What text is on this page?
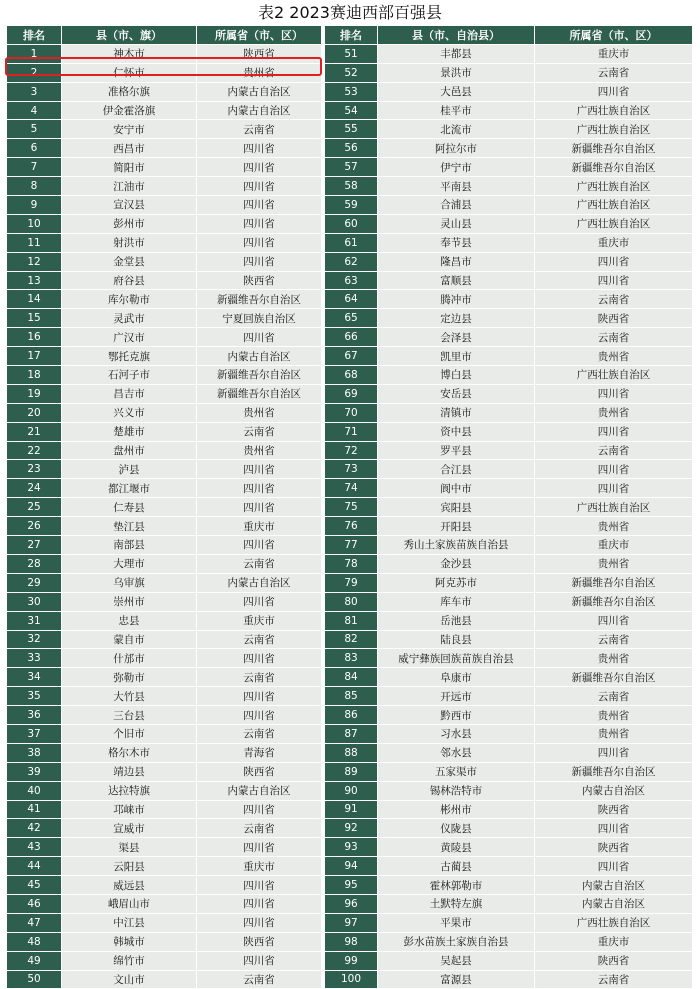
表2 2023赛迪西部百强县
排名	县（市、旗）	所属省（市、区）
1	神木市	陕西省
2	仁怀市	贵州省
3	准格尔旗	内蒙古自治区
4	伊金霍洛旗	内蒙古自治区
5	安宁市	云南省
6	西昌市	四川省
7	简阳市	四川省
8	江油市	四川省
9	宣汉县	四川省
10	彭州市	四川省
11	射洪市	四川省
12	金堂县	四川省
13	府谷县	陕西省
14	库尔勒市	新疆维吾尔自治区
15	灵武市	宁夏回族自治区
16	广汉市	四川省
17	鄂托克旗	内蒙古自治区
18	石河子市	新疆维吾尔自治区
19	昌吉市	新疆维吾尔自治区
20	兴义市	贵州省
21	楚雄市	云南省
22	盘州市	贵州省
23	泸县	四川省
24	都江堰市	四川省
25	仁寿县	四川省
26	垫江县	重庆市
27	南部县	四川省
28	大理市	云南省
29	乌审旗	内蒙古自治区
30	崇州市	四川省
31	忠县	重庆市
32	蒙自市	云南省
33	什邡市	四川省
34	弥勒市	云南省
35	大竹县	四川省
36	三台县	四川省
37	个旧市	云南省
38	格尔木市	青海省
39	靖边县	陕西省
40	达拉特旗	内蒙古自治区
41	邛崃市	四川省
42	宣威市	云南省
43	渠县	四川省
44	云阳县	重庆市
45	威远县	四川省
46	峨眉山市	四川省
47	中江县	四川省
48	韩城市	陕西省
49	绵竹市	四川省
50	文山市	云南省
排名	县（市、自治县）	所属省（市、区）
51	丰都县	重庆市
52	景洪市	云南省
53	大邑县	四川省
54	桂平市	广西壮族自治区
55	北流市	广西壮族自治区
56	阿拉尔市	新疆维吾尔自治区
57	伊宁市	新疆维吾尔自治区
58	平南县	广西壮族自治区
59	合浦县	广西壮族自治区
60	灵山县	广西壮族自治区
61	奉节县	重庆市
62	隆昌市	四川省
63	富顺县	四川省
64	腾冲市	云南省
65	定边县	陕西省
66	会泽县	云南省
67	凯里市	贵州省
68	博白县	广西壮族自治区
69	安岳县	四川省
70	清镇市	贵州省
71	资中县	四川省
72	罗平县	云南省
73	合江县	四川省
74	阆中市	四川省
75	宾阳县	广西壮族自治区
76	开阳县	贵州省
77	秀山土家族苗族自治县	重庆市
78	金沙县	贵州省
79	阿克苏市	新疆维吾尔自治区
80	库车市	新疆维吾尔自治区
81	岳池县	四川省
82	陆良县	云南省
83	威宁彝族回族苗族自治县	贵州省
84	阜康市	新疆维吾尔自治区
85	开远市	云南省
86	黔西市	贵州省
87	习水县	贵州省
88	邻水县	四川省
89	五家渠市	新疆维吾尔自治区
90	锡林浩特市	内蒙古自治区
91	彬州市	陕西省
92	仪陇县	四川省
93	黄陵县	陕西省
94	古蔺县	四川省
95	霍林郭勒市	内蒙古自治区
96	土默特左旗	内蒙古自治区
97	平果市	广西壮族自治区
98	彭水苗族土家族自治县	重庆市
99	吴起县	陕西省
100	富源县	云南省
